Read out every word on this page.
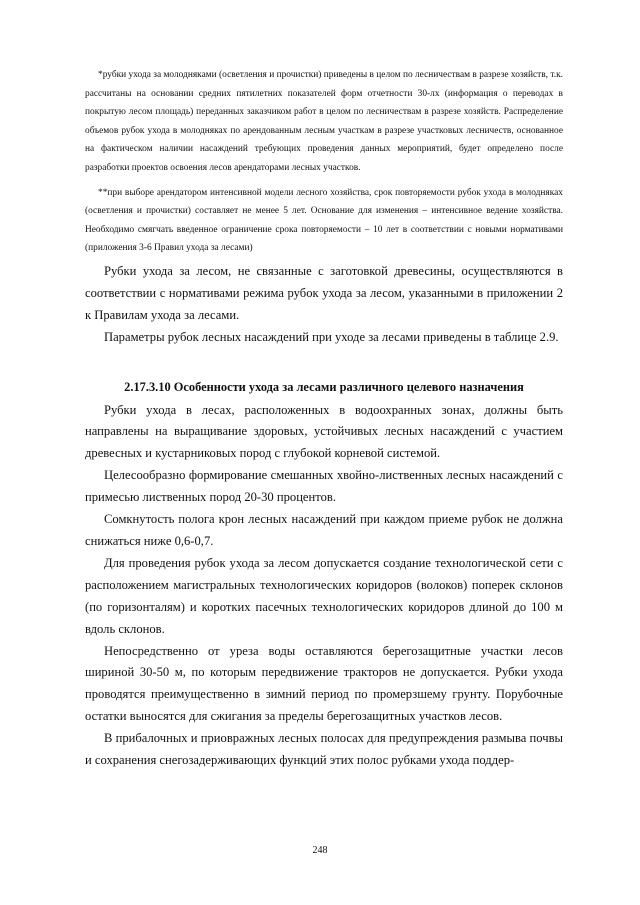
*рубки ухода за молодняками (осветления и прочистки) приведены в целом по лесничествам в разрезе хозяйств, т.к. рассчитаны на основании средних пятилетних показателей форм отчетности 30-лх (информация о переводах в покрытую лесом площадь) переданных заказчиком работ в целом по лесничествам в разрезе хозяйств. Распределение объемов рубок ухода в молодняках по арендованным лесным участкам в разрезе участковых лесничеств, основанное на фактическом наличии насаждений требующих проведения данных мероприятий, будет определено после разработки проектов освоения лесов арендаторами лесных участков.

**при выборе арендатором интенсивной модели лесного хозяйства, срок повторяемости рубок ухода в молодняках (осветления и прочистки) составляет не менее 5 лет. Основание для изменения – интенсивное ведение хозяйства. Необходимо смягчать введенное ограничение срока повторяемости – 10 лет в соответствии с новыми нормативами (приложения 3-6 Правил ухода за лесами)

Рубки ухода за лесом, не связанные с заготовкой древесины, осуществляются в соответствии с нормативами режима рубок ухода за лесом, указанными в приложении 2 к Правилам ухода за лесами.

Параметры рубок лесных насаждений при уходе за лесами приведены в таблице 2.9.

2.17.3.10 Особенности ухода за лесами различного целевого назначения

Рубки ухода в лесах, расположенных в водоохранных зонах, должны быть направлены на выращивание здоровых, устойчивых лесных насаждений с участием древесных и кустарниковых пород с глубокой корневой системой.

Целесообразно формирование смешанных хвойно-лиственных лесных насаждений с примесью лиственных пород 20-30 процентов.

Сомкнутость полога крон лесных насаждений при каждом приеме рубок не должна снижаться ниже 0,6-0,7.

Для проведения рубок ухода за лесом допускается создание технологической сети с расположением магистральных технологических коридоров (волоков) поперек склонов (по горизонталям) и коротких пасечных технологических коридоров длиной до 100 м вдоль склонов.

Непосредственно от уреза воды оставляются берегозащитные участки лесов шириной 30-50 м, по которым передвижение тракторов не допускается. Рубки ухода проводятся преимущественно в зимний период по промерзшему грунту. Порубочные остатки выносятся для сжигания за пределы берегозащитных участков лесов.

В прибалочных и приовражных лесных полосах для предупреждения размыва почвы и сохранения снегозадерживающих функций этих полос рубками ухода поддер-

248
